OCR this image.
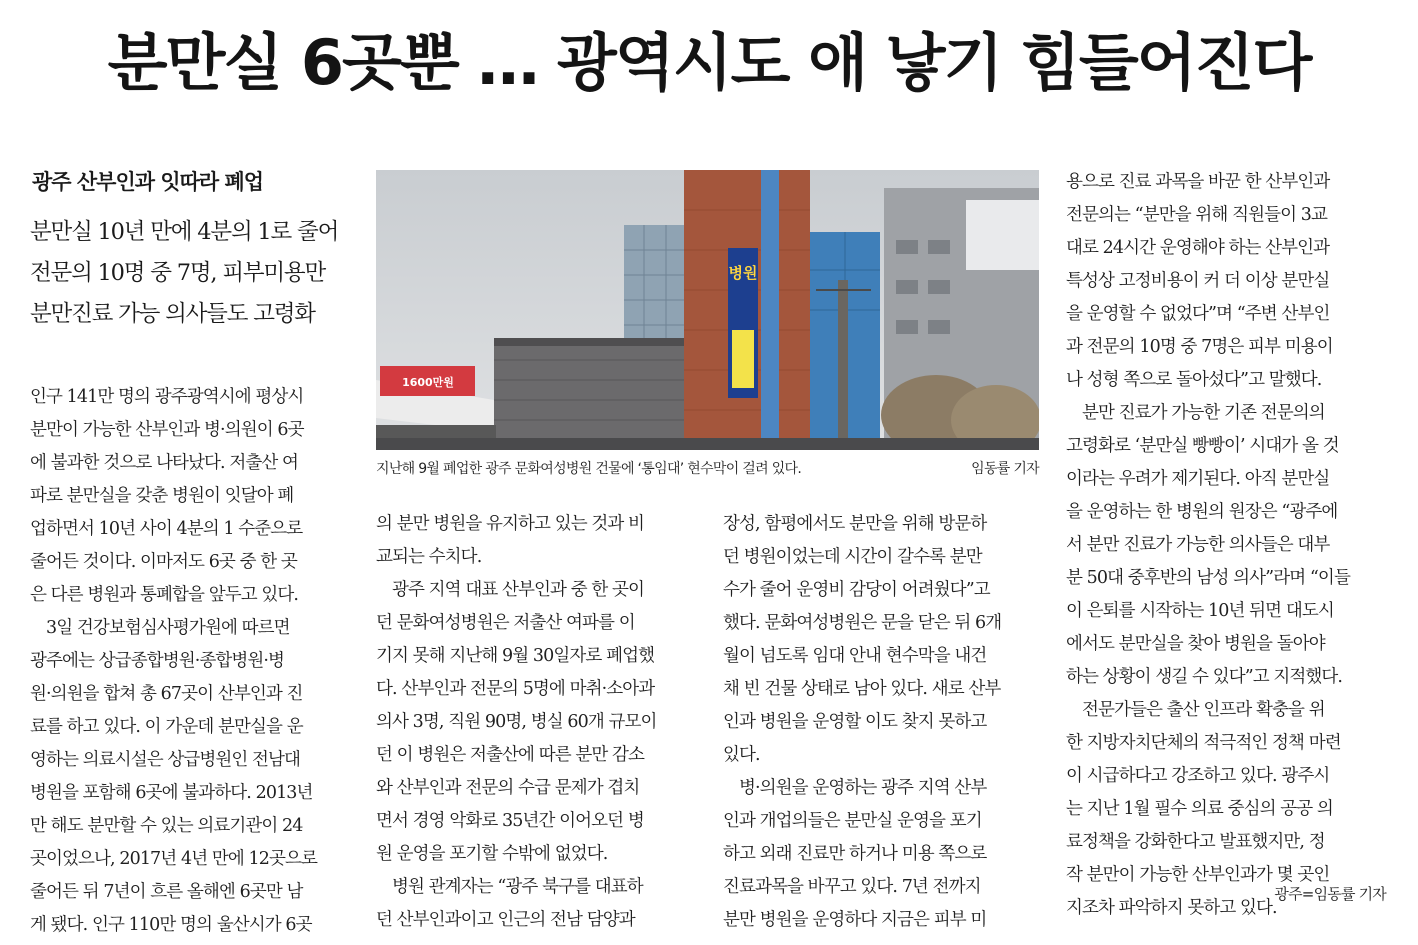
분만실 6곳뿐 … 광역시도 애 낳기 힘들어진다
광주 산부인과 잇따라 폐업
분만실 10년 만에 4분의 1로 줄어
전문의 10명 중 7명, 피부미용만
분만진료 가능 의사들도 고령화
인구 141만 명의 광주광역시에 평상시
분만이 가능한 산부인과 병·의원이 6곳
에 불과한 것으로 나타났다. 저출산 여
파로 분만실을 갖춘 병원이 잇달아 폐
업하면서 10년 사이 4분의 1 수준으로
줄어든 것이다. 이마저도 6곳 중 한 곳
은 다른 병원과 통폐합을 앞두고 있다.
3일 건강보험심사평가원에 따르면
광주에는 상급종합병원·종합병원·병
원·의원을 합쳐 총 67곳이 산부인과 진
료를 하고 있다. 이 가운데 분만실을 운
영하는 의료시설은 상급병원인 전남대
병원을 포함해 6곳에 불과하다. 2013년
만 해도 분만할 수 있는 의료기관이 24
곳이었으나, 2017년 4년 만에 12곳으로
줄어든 뒤 7년이 흐른 올해엔 6곳만 남
게 됐다. 인구 110만 명의 울산시가 6곳
의 분만 병원을 유지하고 있는 것과 비
교되는 수치다.
광주 지역 대표 산부인과 중 한 곳이
던 문화여성병원은 저출산 여파를 이
기지 못해 지난해 9월 30일자로 폐업했
다. 산부인과 전문의 5명에 마취·소아과
의사 3명, 직원 90명, 병실 60개 규모이
던 이 병원은 저출산에 따른 분만 감소
와 산부인과 전문의 수급 문제가 겹치
면서 경영 악화로 35년간 이어오던 병
원 운영을 포기할 수밖에 없었다.
병원 관계자는 “광주 북구를 대표하
던 산부인과이고 인근의 전남 담양과
장성, 함평에서도 분만을 위해 방문하
던 병원이었는데 시간이 갈수록 분만
수가 줄어 운영비 감당이 어려웠다”고
했다. 문화여성병원은 문을 닫은 뒤 6개
월이 넘도록 임대 안내 현수막을 내건
채 빈 건물 상태로 남아 있다. 새로 산부
인과 병원을 운영할 이도 찾지 못하고
있다.
병·의원을 운영하는 광주 지역 산부
인과 개업의들은 분만실 운영을 포기
하고 외래 진료만 하거나 미용 쪽으로
진료과목을 바꾸고 있다. 7년 전까지
분만 병원을 운영하다 지금은 피부 미
용으로 진료 과목을 바꾼 한 산부인과
전문의는 “분만을 위해 직원들이 3교
대로 24시간 운영해야 하는 산부인과
특성상 고정비용이 커 더 이상 분만실
을 운영할 수 없었다”며 “주변 산부인
과 전문의 10명 중 7명은 피부 미용이
나 성형 쪽으로 돌아섰다”고 말했다.
분만 진료가 가능한 기존 전문의의
고령화로 ‘분만실 빵빵이’ 시대가 올 것
이라는 우려가 제기된다. 아직 분만실
을 운영하는 한 병원의 원장은 “광주에
서 분만 진료가 가능한 의사들은 대부
분 50대 중후반의 남성 의사”라며 “이들
이 은퇴를 시작하는 10년 뒤면 대도시
에서도 분만실을 찾아 병원을 돌아야
하는 상황이 생길 수 있다”고 지적했다.
전문가들은 출산 인프라 확충을 위
한 지방자치단체의 적극적인 정책 마련
이 시급하다고 강조하고 있다. 광주시
는 지난 1월 필수 의료 중심의 공공 의
료정책을 강화한다고 발표했지만, 정
작 분만이 가능한 산부인과가 몇 곳인
지조차 파악하지 못하고 있다.
병원
1600만원
지난해 9월 폐업한 광주 문화여성병원 건물에 ‘통임대’ 현수막이 걸려 있다.	임동률 기자
광주=임동률 기자
